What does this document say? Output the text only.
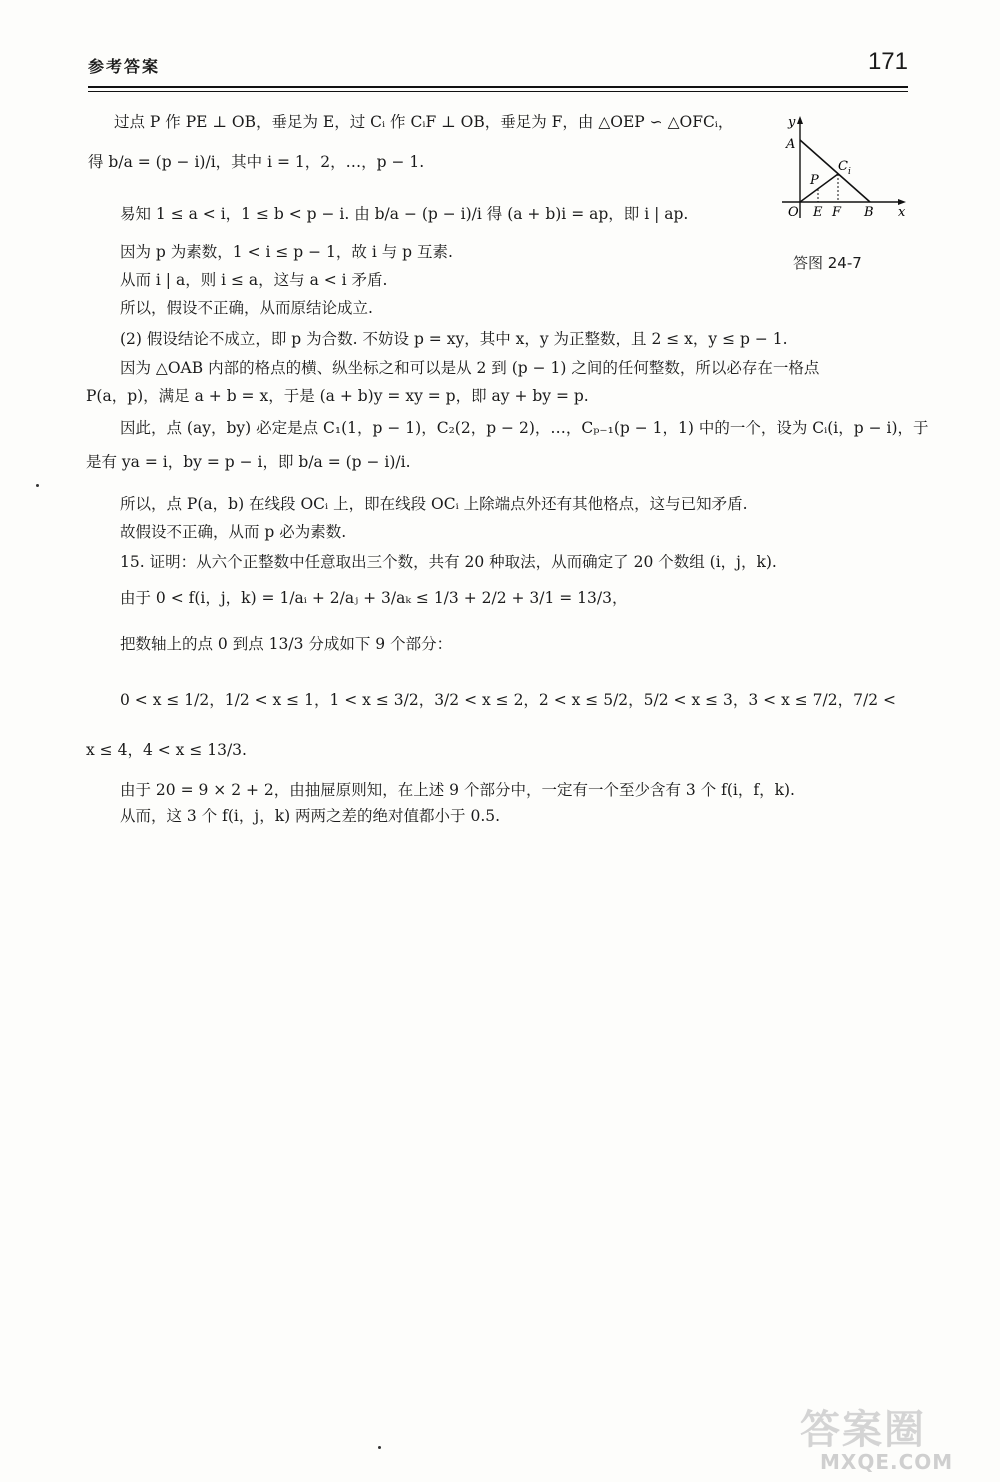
参考答案	171
过点 P 作 PE ⊥ OB，垂足为 E，过 Cᵢ 作 CᵢF ⊥ OB，垂足为 F，由 △OEP ∽ △OFCᵢ，
得 b/a = (p − i)/i，其中 i = 1，2，…，p − 1.
易知 1 ≤ a < i，1 ≤ b < p − i. 由 b/a − (p − i)/i 得 (a + b)i = ap，即 i | ap.
因为 p 为素数，1 < i ≤ p − 1，故 i 与 p 互素.
从而 i | a，则 i ≤ a，这与 a < i 矛盾.
所以，假设不正确，从而原结论成立.
(2) 假设结论不成立，即 p 为合数. 不妨设 p = xy，其中 x，y 为正整数，且 2 ≤ x，y ≤ p − 1.
因为 △OAB 内部的格点的横、纵坐标之和可以是从 2 到 (p − 1) 之间的任何整数，所以必存在一格点
P(a，p)，满足 a + b = x，于是 (a + b)y = xy = p，即 ay + by = p.
因此，点 (ay，by) 必定是点 C₁(1，p − 1)，C₂(2，p − 2)，…，Cₚ₋₁(p − 1，1) 中的一个，设为 Cᵢ(i，p − i)，于
是有 ya = i，by = p − i，即 b/a = (p − i)/i.
所以，点 P(a，b) 在线段 OCᵢ 上，即在线段 OCᵢ 上除端点外还有其他格点，这与已知矛盾.
故假设不正确，从而 p 必为素数.
15. 证明：从六个正整数中任意取出三个数，共有 20 种取法，从而确定了 20 个数组 (i，j，k).
由于 0 < f(i，j，k) = 1/aᵢ + 2/aⱼ + 3/aₖ ≤ 1/3 + 2/2 + 3/1 = 13/3，
把数轴上的点 0 到点 13/3 分成如下 9 个部分：
0 < x ≤ 1/2，1/2 < x ≤ 1，1 < x ≤ 3/2，3/2 < x ≤ 2，2 < x ≤ 5/2，5/2 < x ≤ 3，3 < x ≤ 7/2，7/2 <
x ≤ 4，4 < x ≤ 13/3.
由于 20 = 9 × 2 + 2，由抽屉原则知，在上述 9 个部分中，一定有一个至少含有 3 个 f(i，f，k).
从而，这 3 个 f(i，j，k) 两两之差的绝对值都小于 0.5.
y
A
C i
P
O E F B x
答图 24-7
答案圈
MXQE.COM
